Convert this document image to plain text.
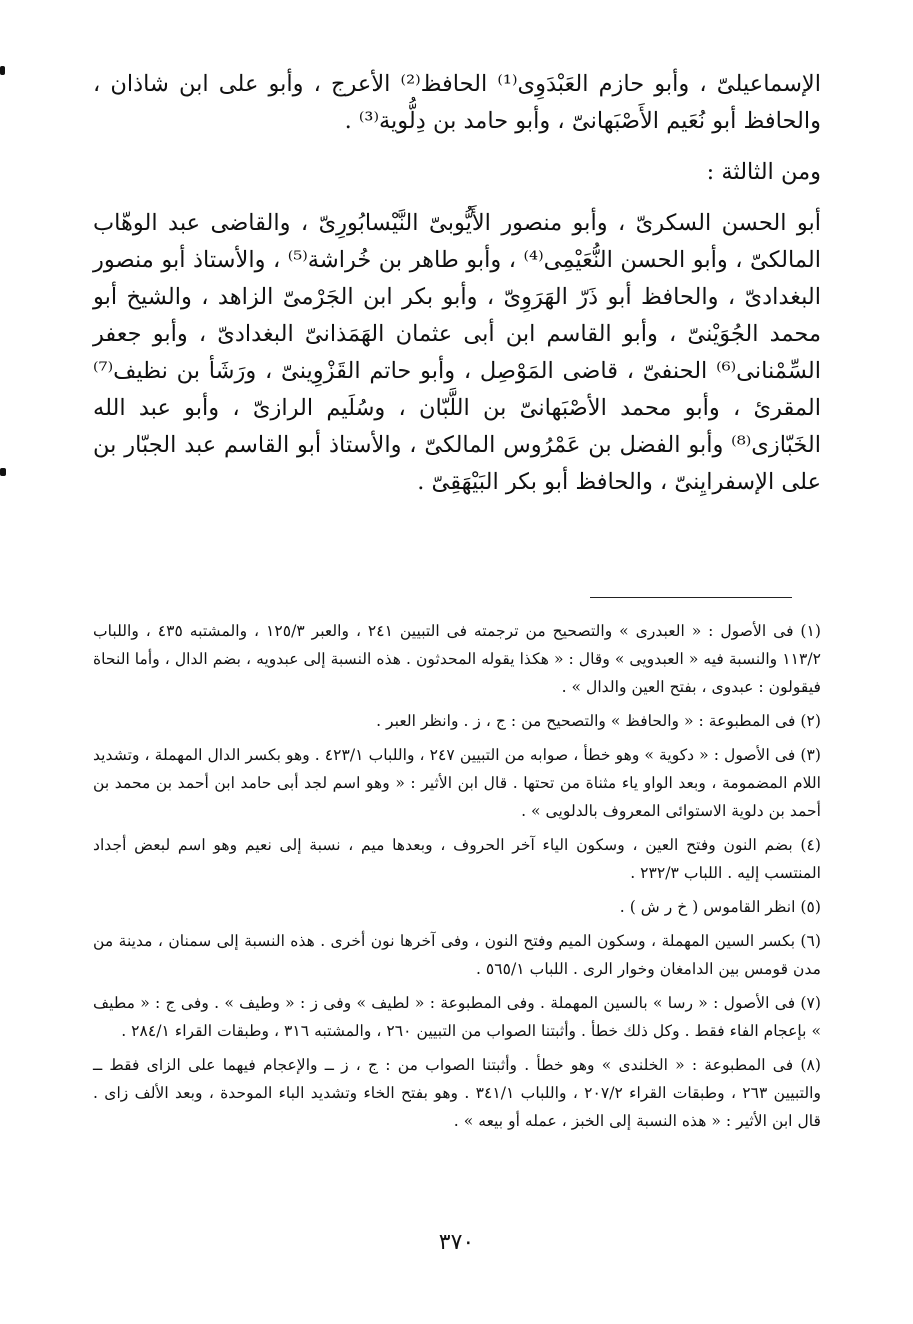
الإسماعيلىّ ، وأبو حازم العَبْدَوِى⁽¹⁾ الحافظ⁽²⁾ الأعرج ، وأبو على ابن شاذان ، والحافظ أبو نُعَيم الأَصْبَهانىّ ، وأبو حامد بن دِلُّوية⁽³⁾ .

ومن الثالثة :

أبو الحسن السكرىّ ، وأبو منصور الأَيُّوبىّ النَّيْسابُورِىّ ، والقاضى عبد الوهّاب المالكىّ ، وأبو الحسن النُّعَيْمِى⁽⁴⁾ ، وأبو طاهر بن خُراشة⁽⁵⁾ ، والأستاذ أبو منصور البغدادىّ ، والحافظ أبو ذَرّ الهَرَوِىّ ، وأبو بكر ابن الجَرْمىّ الزاهد ، والشيخ أبو محمد الجُوَيْنىّ ، وأبو القاسم ابن أبى عثمان الهَمَذانىّ البغدادىّ ، وأبو جعفر السِّمْنانى⁽⁶⁾ الحنفىّ ، قاضى المَوْصِل ، وأبو حاتم القَزْوِينىّ ، ورَشَأ بن نظيف⁽⁷⁾ المقرئ ، وأبو محمد الأصْبَهانىّ بن اللَّبّان ، وسُلَيم الرازىّ ، وأبو عبد الله الخَبّازى⁽⁸⁾ وأبو الفضل بن عَمْرُوس المالكىّ ، والأستاذ أبو القاسم عبد الجبّار بن على الإسفرايِنىّ ، والحافظ أبو بكر البَيْهَقِىّ .

(١) فى الأصول : « العبدرى » والتصحيح من ترجمته فى التبيين ٢٤١ ، والعبر ١٢٥/٣ ، والمشتبه ٤٣٥ ، واللباب ١١٣/٢ والنسبة فيه « العبدويى » وقال : « هكذا يقوله المحدثون . هذه النسبة إلى عبدويه ، بضم الدال ، وأما النحاة فيقولون : عبدوى ، بفتح العين والدال » .

(٢) فى المطبوعة : « والحافظ » والتصحيح من : ج ، ز . وانظر العبر .

(٣) فى الأصول : « دكوية » وهو خطأ ، صوابه من التبيين ٢٤٧ ، واللباب ٤٢٣/١ . وهو بكسر الدال المهملة ، وتشديد اللام المضمومة ، وبعد الواو ياء مثناة من تحتها . قال ابن الأثير : « وهو اسم لجد أبى حامد ابن أحمد بن محمد بن أحمد بن دلوية الاستوائى المعروف بالدلويى » .

(٤) بضم النون وفتح العين ، وسكون الياء آخر الحروف ، وبعدها ميم ، نسبة إلى نعيم وهو اسم لبعض أجداد المنتسب إليه . اللباب ٢٣٢/٣ .

(٥) انظر القاموس ( خ ر ش ) .

(٦) بكسر السين المهملة ، وسكون الميم وفتح النون ، وفى آخرها نون أخرى . هذه النسبة إلى سمنان ، مدينة من مدن قومس بين الدامغان وخوار الرى . اللباب ٥٦٥/١ .

(٧) فى الأصول : « رسا » بالسين المهملة . وفى المطبوعة : « لطيف » وفى ز : « وطيف » . وفى ج : « مطيف » بإعجام الفاء فقط . وكل ذلك خطأ . وأثبتنا الصواب من التبيين ٢٦٠ ، والمشتبه ٣١٦ ، وطبقات القراء ٢٨٤/١ .

(٨) فى المطبوعة : « الخلندى » وهو خطأ . وأثبتنا الصواب من : ج ، ز ــ والإعجام فيهما على الزاى فقط ــ والتبيين ٢٦٣ ، وطبقات القراء ٢٠٧/٢ ، واللباب ٣٤١/١ . وهو بفتح الخاء وتشديد الباء الموحدة ، وبعد الألف زاى . قال ابن الأثير : « هذه النسبة إلى الخبز ، عمله أو بيعه » .

٣٧٠
